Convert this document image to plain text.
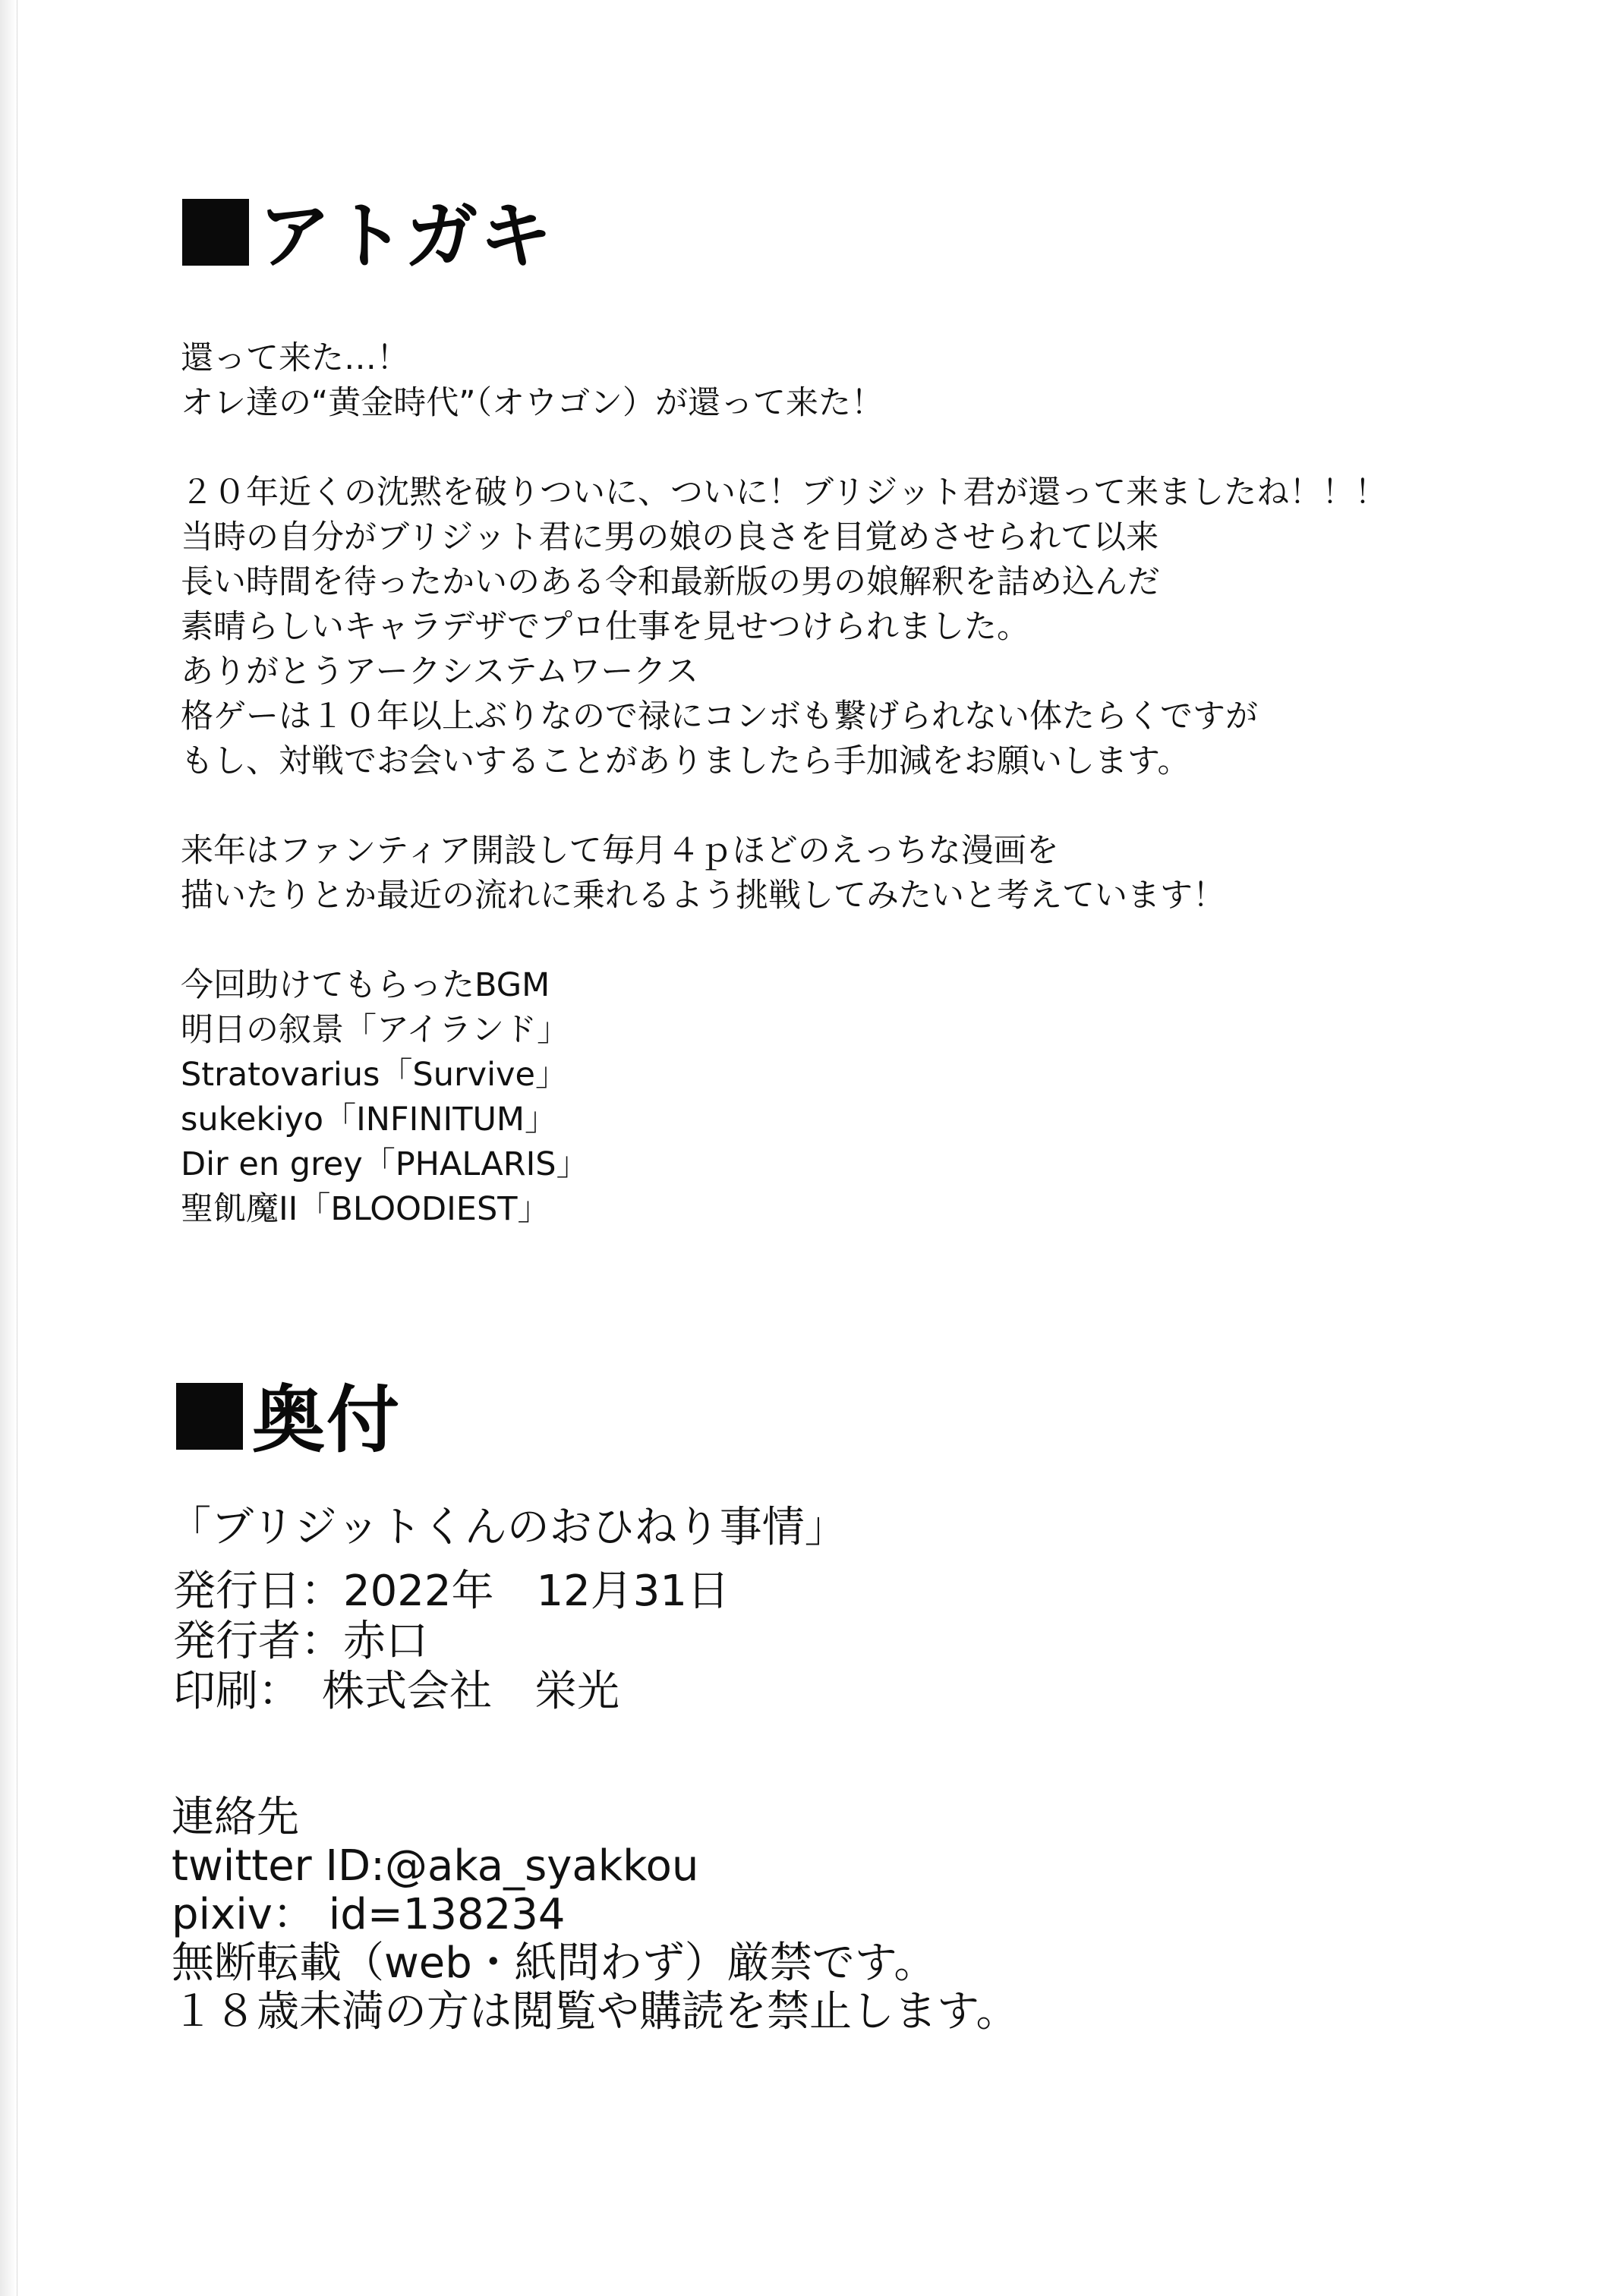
アトガキ
還って来た…！
オレ達の“黄金時代”（オウゴン）が還って来た！
２０年近くの沈黙を破りついに、ついに！ブリジット君が還って来ましたね！！！
当時の自分がブリジット君に男の娘の良さを目覚めさせられて以来
長い時間を待ったかいのある令和最新版の男の娘解釈を詰め込んだ
素晴らしいキャラデザでプロ仕事を見せつけられました。
ありがとうアークシステムワークス
格ゲーは１０年以上ぶりなので禄にコンボも繋げられない体たらくですが
もし、対戦でお会いすることがありましたら手加減をお願いします。
来年はファンティア開設して毎月４ｐほどのえっちな漫画を
描いたりとか最近の流れに乗れるよう挑戦してみたいと考えています！
今回助けてもらったBGM
明日の叙景「アイランド」
Stratovarius「Survive」
sukekiyo「INFINITUM」
Dir en grey「PHALARIS」
聖飢魔II「BLOODIEST」
奥付
「ブリジットくんのおひねり事情」
発行日：2022年　12月31日
発行者：赤口
印刷：　株式会社　栄光
連絡先
twitter ID:@aka_syakkou
pixiv： id=138234
無断転載（web・紙問わず）厳禁です。
１８歳未満の方は閲覧や購読を禁止します。
